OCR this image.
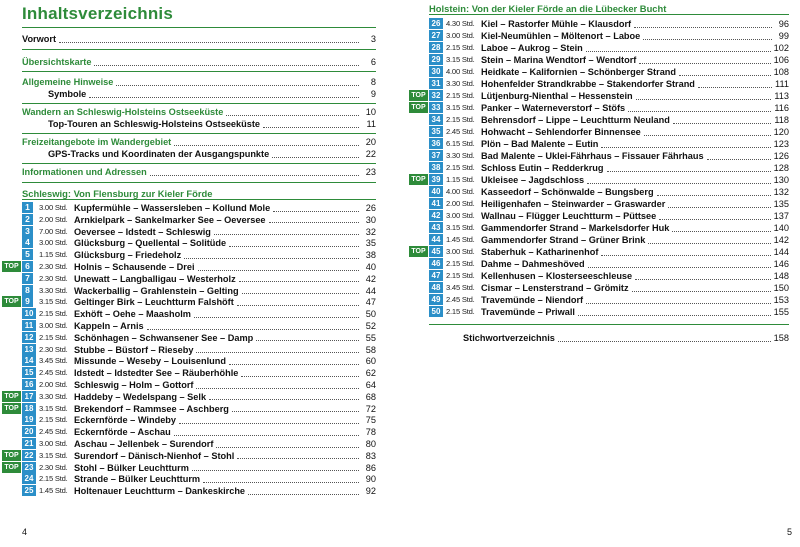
Inhaltsverzeichnis
Vorwort	3
Übersichtskarte	6
Allgemeine Hinweise	8
Symbole	9
Wandern an Schleswig-Holsteins Ostseeküste	10
Top-Touren an Schleswig-Holsteins Ostseeküste	11
Freizeitangebote im Wandergebiet	20
GPS-Tracks und Koordinaten der Ausgangspunkte	22
Informationen und Adressen	23
Schleswig: Von Flensburg zur Kieler Förde
1	3.00 Std. Kupfermühle – Wassersleben – Kollund Mole	26
2	2.00 Std. Arnkielpark – Sankelmarker See – Oeversee	30
3	7.00 Std. Oeversee – Idstedt – Schleswig	32
4	3.00 Std. Glücksburg – Quellental – Solitüde	35
5	1.15 Std. Glücksburg – Friedeholz	38
TOP 6	2.30 Std. Holnis – Schausende – Drei	40
7	2.30 Std. Unewatt – Langballigau – Westerholz	42
8	3.30 Std. Wackerballig – Grahlenstein – Gelting	44
TOP 9	3.15 Std. Geltinger Birk – Leuchtturm Falshöft	47
10 2.15 Std. Exhöft – Oehe – Maasholm	50
11 3.00 Std. Kappeln – Arnis	52
12 2.15 Std. Schönhagen – Schwansener See – Damp	55
13 2.30 Std. Stubbe – Büstorf – Rieseby	58
14 3.45 Std. Missunde – Weseby – Louisenlund	60
15 2.45 Std. Idstedt – Idstedter See – Räuberhöhle	62
16 2.00 Std. Schleswig – Holm – Gottorf	64
TOP 17 3.30 Std. Haddeby – Wedelspang – Selk	68
TOP 18 3.15 Std. Brekendorf – Rammsee – Aschberg	72
19 2.15 Std. Eckernförde – Windeby	75
20 2.45 Std. Eckernförde – Aschau	78
21 3.00 Std. Aschau – Jellenbek – Surendorf	80
TOP 22 3.15 Std. Surendorf – Dänisch-Nienhof – Stohl	83
TOP 23 2.30 Std. Stohl – Bülker Leuchtturm	86
24 2.15 Std. Strande – Bülker Leuchtturm	90
25 1.45 Std. Holtenauer Leuchtturm – Dankeskirche	92
4
Holstein: Von der Kieler Förde an die Lübecker Bucht
26 4.30 Std. Kiel – Rastorfer Mühle – Klausdorf	96
27 3.00 Std. Kiel-Neumühlen – Möltenort – Laboe	99
28 2.15 Std. Laboe – Aukrog – Stein	102
29 3.15 Std. Stein – Marina Wendtorf – Wendtorf	106
30 4.00 Std. Heidkate – Kalifornien – Schönberger Strand	108
31 3.30 Std. Hohenfelder Strandkrabbe – Stakendorfer Strand	111
TOP 32 2.15 Std. Lütjenburg-Nienthal – Hessenstein	113
TOP 33 3.15 Std. Panker – Waterneverstorf – Stöfs	116
34 2.15 Std. Behrensdorf – Lippe – Leuchtturm Neuland	118
35 2.45 Std. Hohwacht – Sehlendorfer Binnensee	120
36 6.15 Std. Plön – Bad Malente – Eutin	123
37 3.30 Std. Bad Malente – Uklei-Fährhaus – Fissauer Fährhaus	126
38 2.15 Std. Schloss Eutin – Redderkrug	128
TOP 39 1.15 Std. Ukleisee – Jagdschloss	130
40 4.00 Std. Kasseedorf – Schönwalde – Bungsberg	132
41 2.00 Std. Heiligenhafen – Steinwarder – Graswarder	135
42 3.00 Std. Wallnau – Flügger Leuchtturm – Püttsee	137
43 3.15 Std. Gammendorfer Strand – Markelsdorfer Huk	140
44 1.45 Std. Gammendorfer Strand – Grüner Brink	142
TOP 45 3.00 Std. Staberhuk – Katharinenhof	144
46 2.15 Std. Dahme – Dahmeshöved	146
47 2.15 Std. Kellenhusen – Klosterseeschleuse	148
48 3.45 Std. Cismar – Lensterstrand – Grömitz	150
49 2.45 Std. Travemünde – Niendorf	153
50 2.15 Std. Travemünde – Priwall	155
Stichwortverzeichnis	158
5
